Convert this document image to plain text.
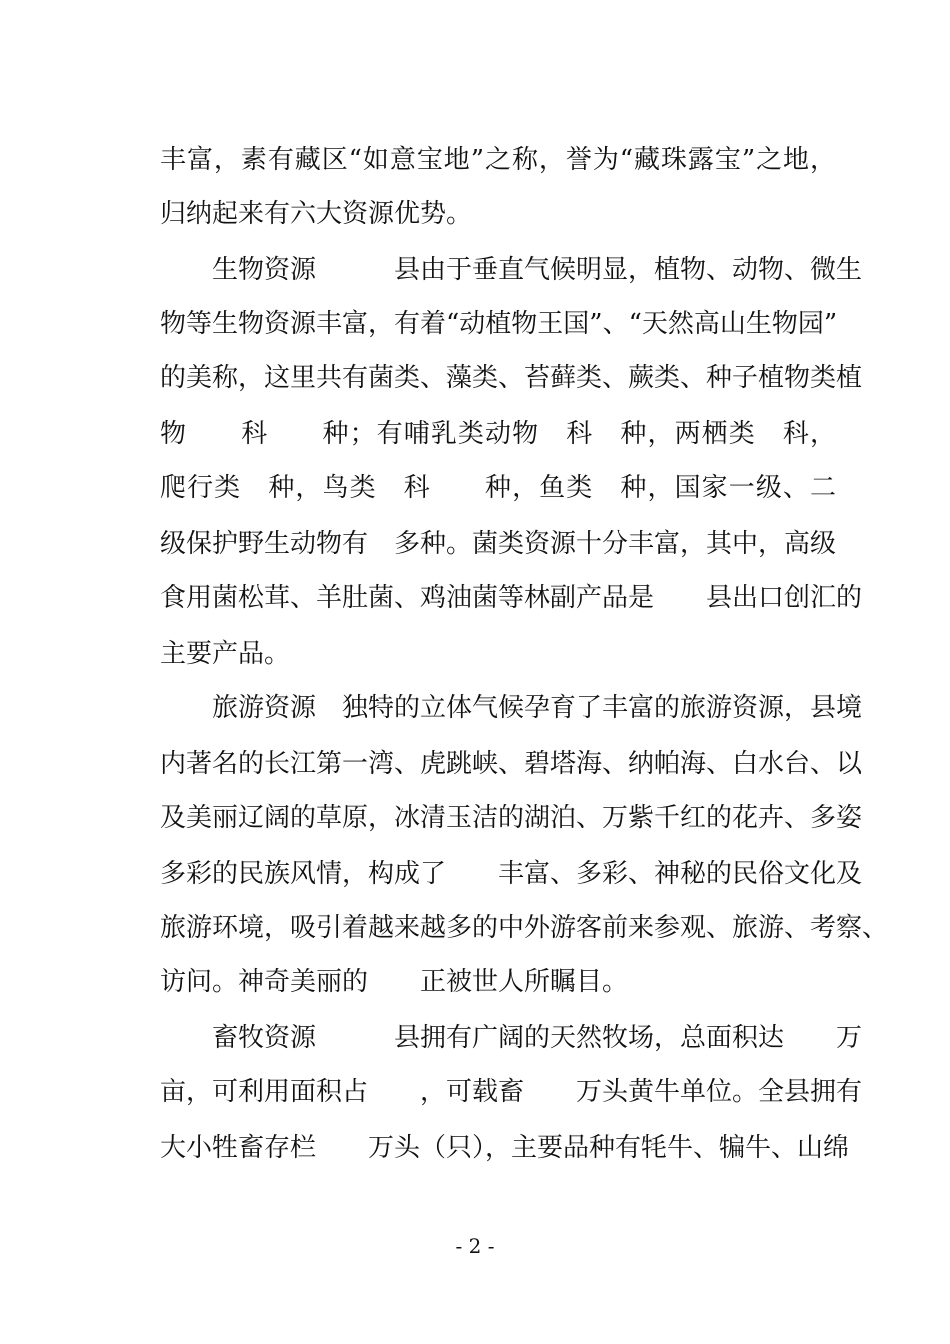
丰富，素有藏区“如意宝地”之称，誉为“藏珠露宝”之地，
归纳起来有六大资源优势。
生物资源　　　县由于垂直气候明显，植物、动物、微生
物等生物资源丰富，有着“动植物王国”、“天然高山生物园”
的美称，这里共有菌类、藻类、苔藓类、蕨类、种子植物类植
物　　科　　种；有哺乳类动物　科　种，两栖类　科，
爬行类　种，鸟类　科　　种，鱼类　种，国家一级、二
级保护野生动物有　多种。菌类资源十分丰富，其中，高级
食用菌松茸、羊肚菌、鸡油菌等林副产品是　　县出口创汇的
主要产品。
旅游资源　独特的立体气候孕育了丰富的旅游资源，县境
内著名的长江第一湾、虎跳峡、碧塔海、纳帕海、白水台、以
及美丽辽阔的草原，冰清玉洁的湖泊、万紫千红的花卉、多姿
多彩的民族风情，构成了　　丰富、多彩、神秘的民俗文化及
旅游环境，吸引着越来越多的中外游客前来参观、旅游、考察、
访问。神奇美丽的　　正被世人所瞩目。
畜牧资源　　　县拥有广阔的天然牧场，总面积达　　万
亩，可利用面积占　　，可载畜　　万头黄牛单位。全县拥有
大小牲畜存栏　　万头（只），主要品种有牦牛、犏牛、山绵
- 2 -
